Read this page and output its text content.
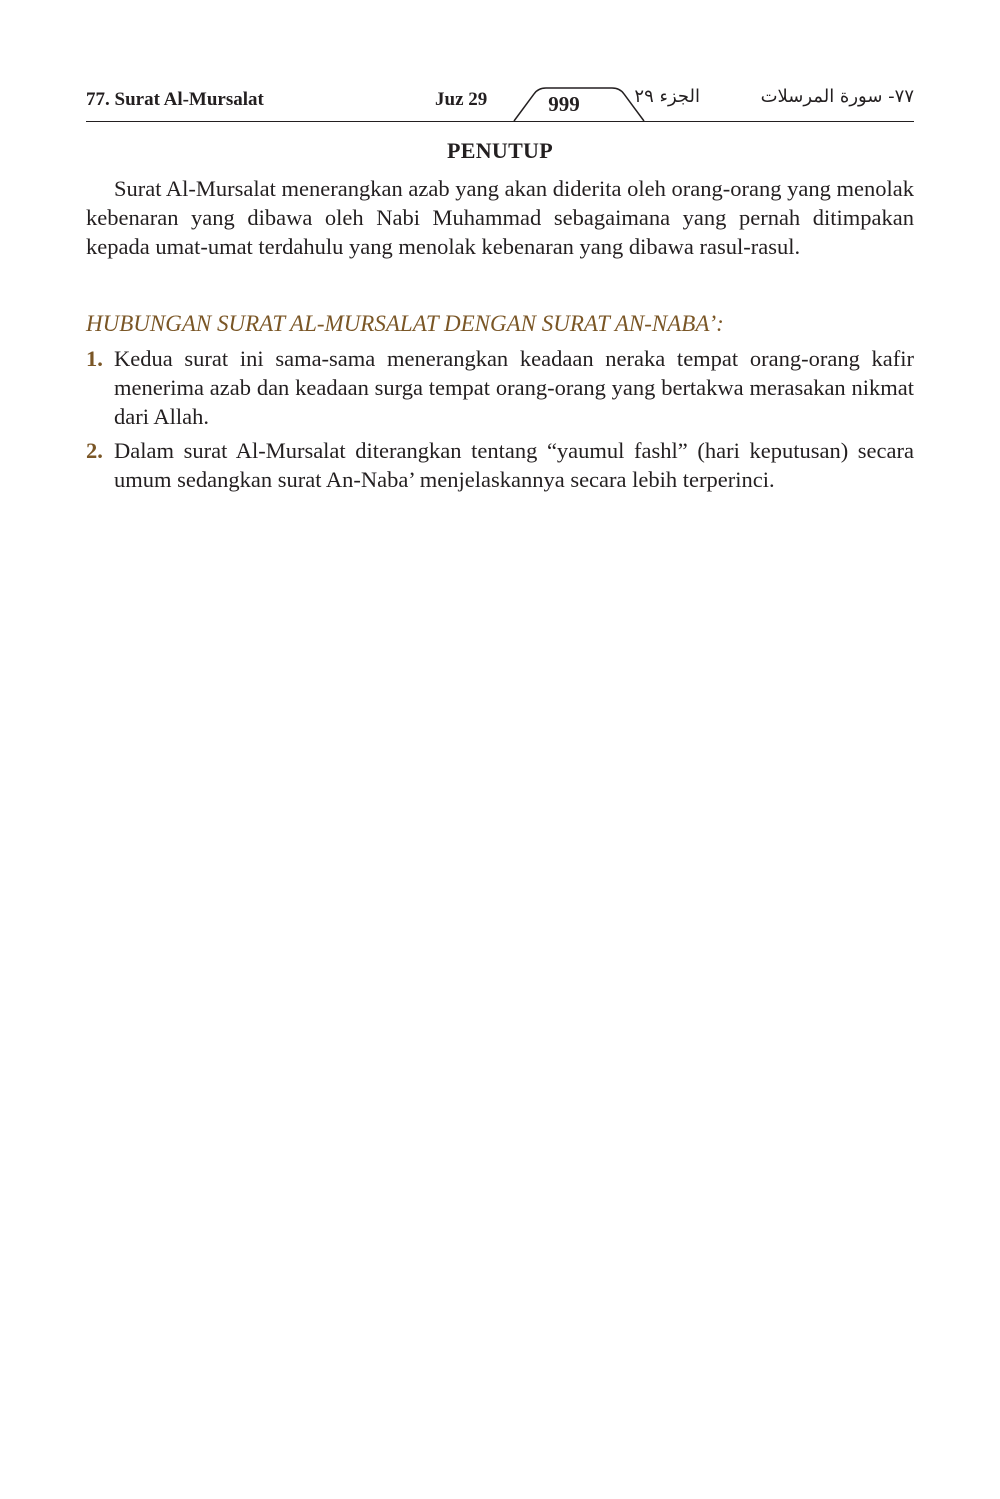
77. Surat Al-Mursalat	Juz 29	999	الجزء ٢٩	٧٧- سورة المرسلات
PENUTUP

Surat Al-Mursalat menerangkan azab yang akan diderita oleh orang-orang yang menolak kebenaran yang dibawa oleh Nabi Muhammad sebagaimana yang pernah ditimpakan kepada umat-umat terdahulu yang menolak kebenaran yang dibawa rasul-rasul.

HUBUNGAN SURAT AL-MURSALAT DENGAN SURAT AN-NABA’:
1. Kedua surat ini sama-sama menerangkan keadaan neraka tempat orang-orang kafir menerima azab dan keadaan surga tempat orang-orang yang bertakwa merasakan nikmat dari Allah.
2. Dalam surat Al-Mursalat diterangkan tentang “yaumul fashl” (hari keputusan) secara umum sedangkan surat An-Naba’ menjelaskannya secara lebih terperinci.
